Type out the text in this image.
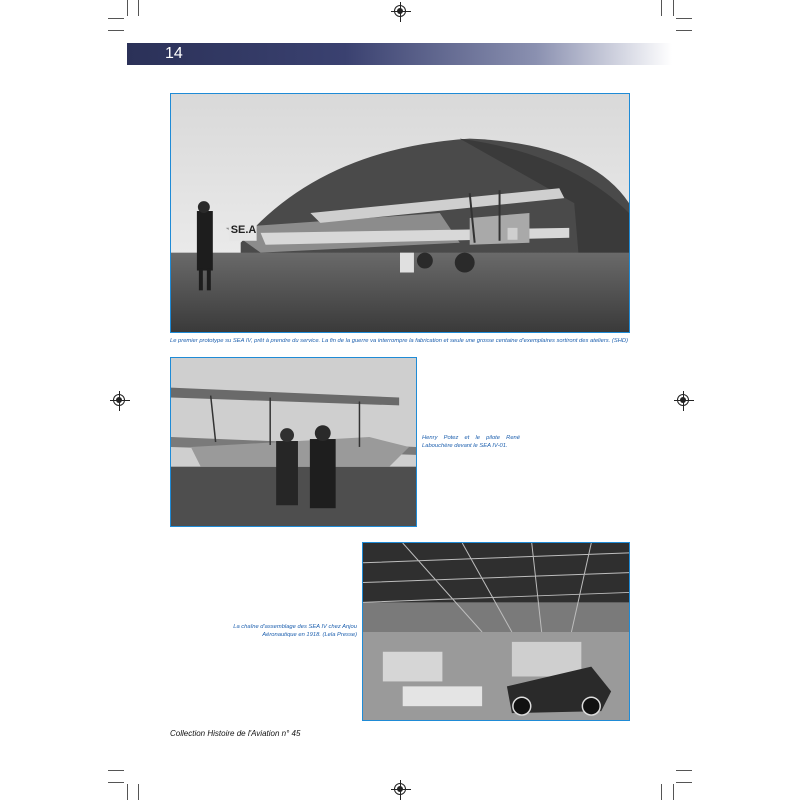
14
SE.A
Le premier prototype su SEA IV, prêt à prendre du service. La fin de la guerre va interrompre la fabrication et seule une grosse centaine d'exemplaires sortiront des ateliers. (SHD)
Henry Potez et le pilote René Labouchère devant le SEA IV-01.
La chaîne d'assemblage des SEA IV chez Anjou Aéronautique en 1918. (Lela Presse)
Collection Histoire de l'Aviation n° 45
